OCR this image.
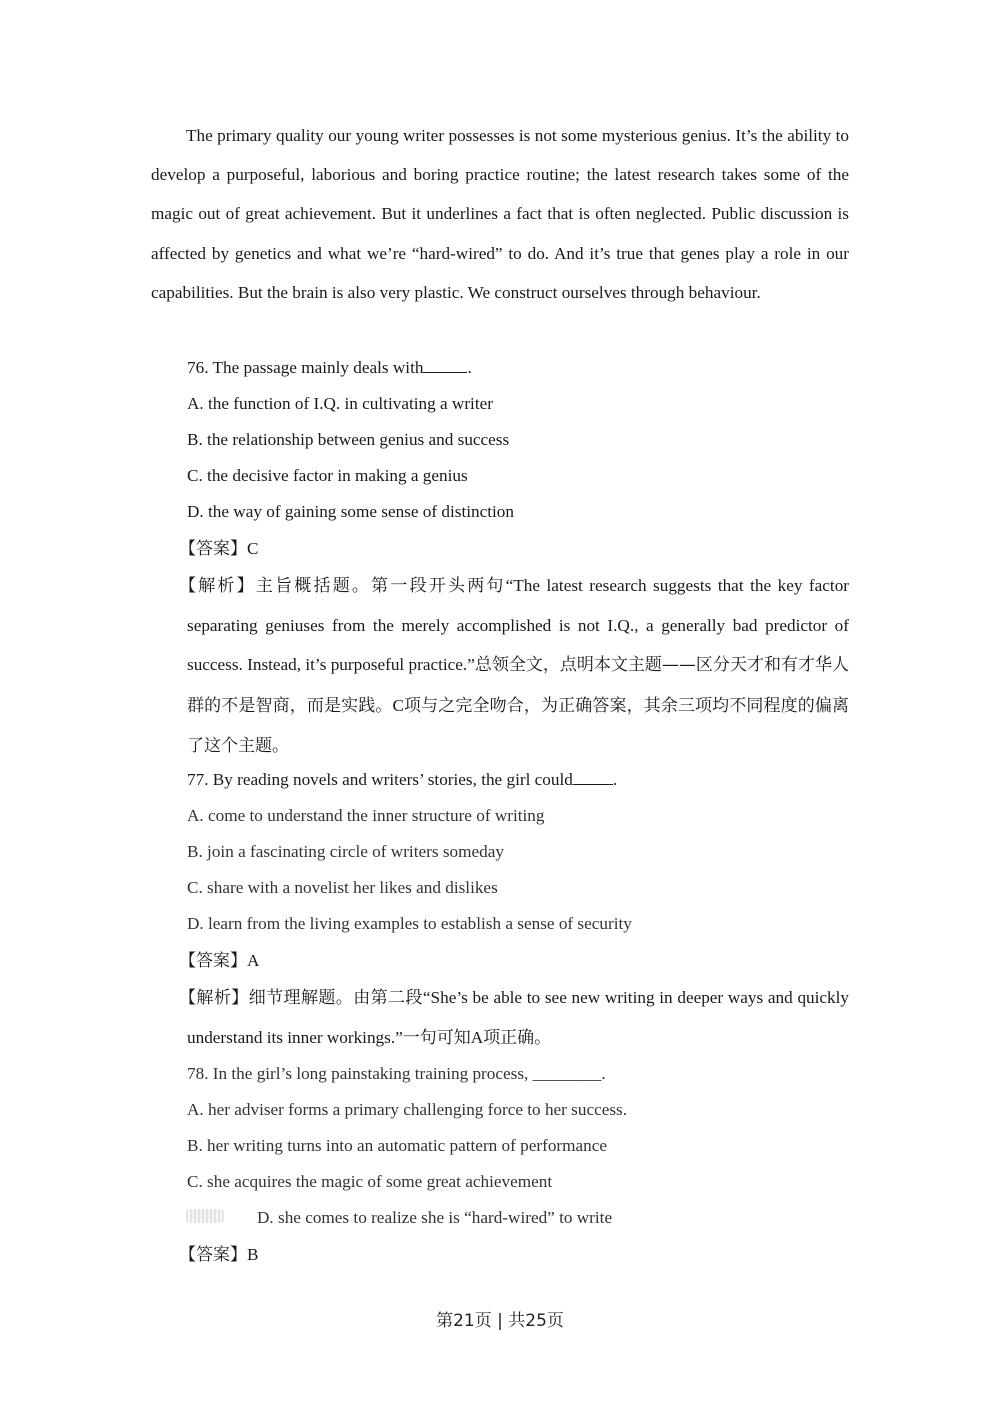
The primary quality our young writer possesses is not some mysterious genius. It’s the ability to develop a purposeful, laborious and boring practice routine; the latest research takes some of the magic out of great achievement. But it underlines a fact that is often neglected. Public discussion is affected by genetics and what we’re “hard-wired” to do. And it’s true that genes play a role in our capabilities. But the brain is also very plastic. We construct ourselves through behaviour.

76. The passage mainly deals with	.

A. the function of I.Q. in cultivating a writer

B. the relationship between genius and success

C. the decisive factor in making a genius

D. the way of gaining some sense of distinction

【答案】C

【解析】主旨概括题。第一段开头两句“The latest research suggests that the key factor separating geniuses from the merely accomplished is not I.Q., a generally bad predictor of success. Instead, it’s purposeful practice.”总领全文，点明本文主题——区分天才和有才华人群的不是智商，而是实践。C项与之完全吻合，为正确答案，其余三项均不同程度的偏离了这个主题。

77. By reading novels and writers’ stories, the girl could .

A. come to understand the inner structure of writing

B. join a fascinating circle of writers someday

C. share with a novelist her likes and dislikes

D. learn from the living examples to establish a sense of security

【答案】A

【解析】细节理解题。由第二段“She’s be able to see new writing in deeper ways and quickly understand its inner workings.”一句可知A项正确。

78. In the girl’s long painstaking training process, ________.

A. her adviser forms a primary challenging force to her success.

B. her writing turns into an automatic pattern of performance

C. she acquires the magic of some great achievement

D. she comes to realize she is “hard-wired” to write

【答案】B

第21页 | 共25页
